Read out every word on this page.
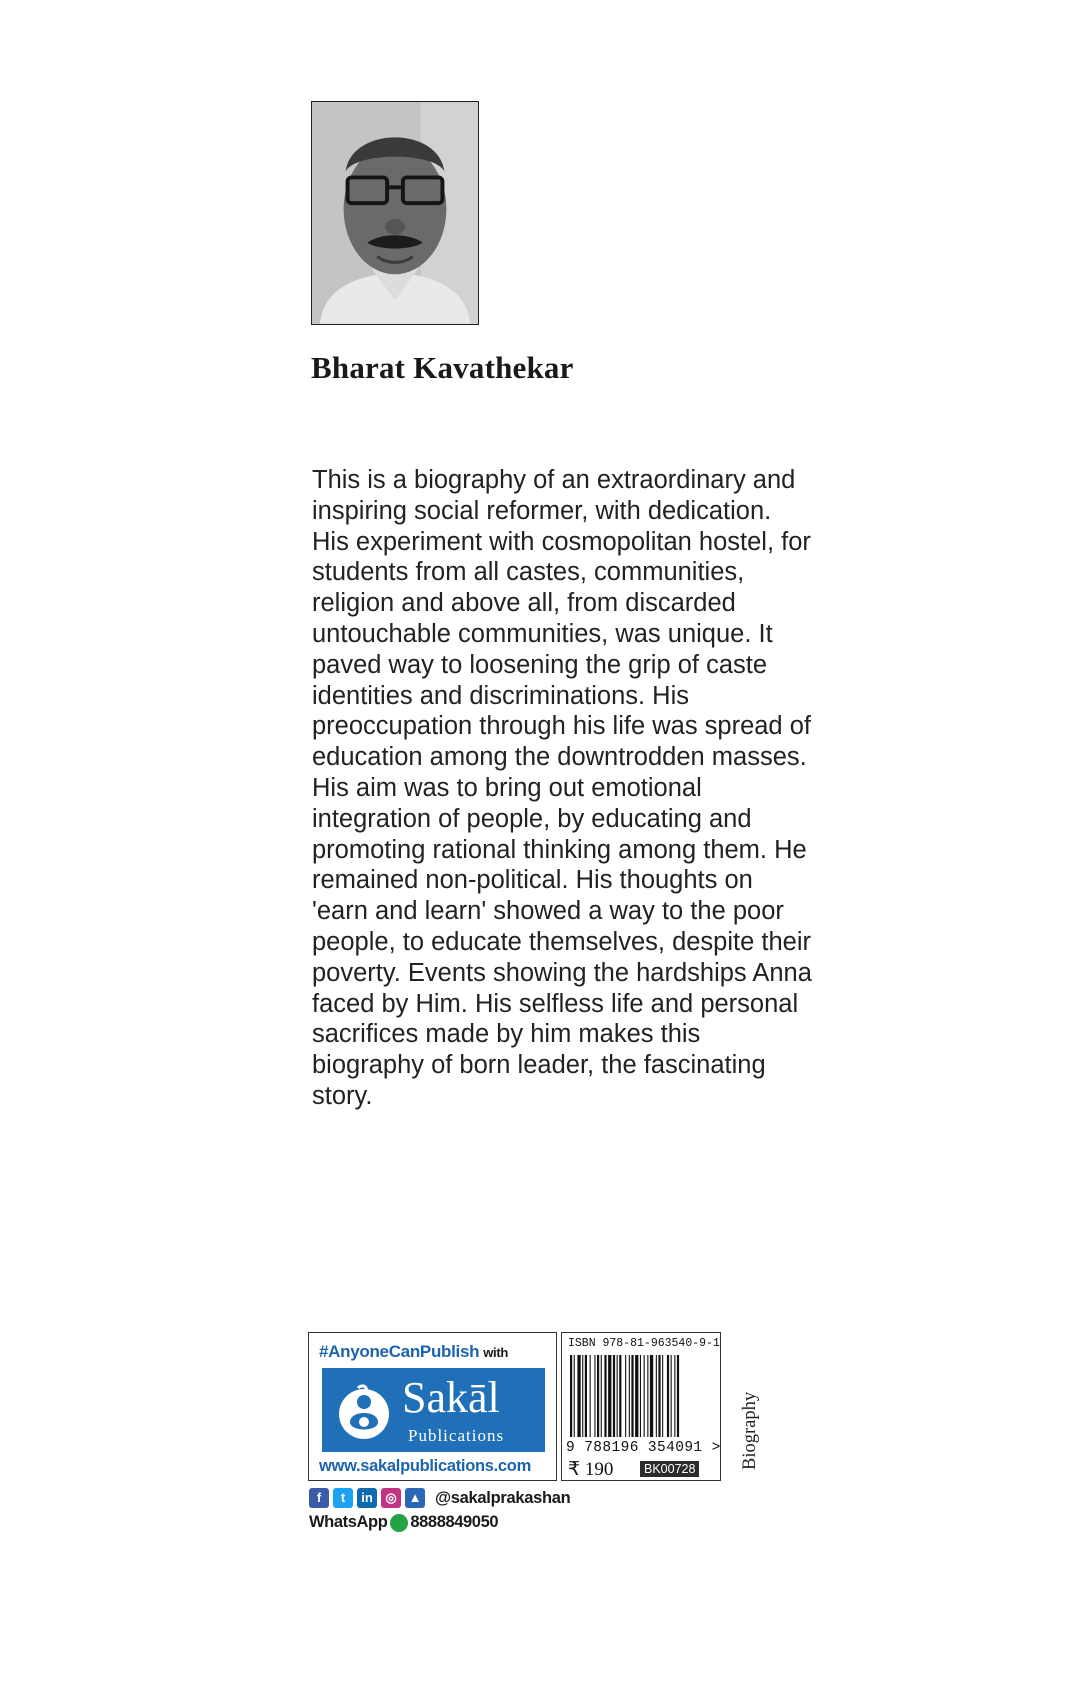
Bharat Kavathekar

This is a biography of an extraordinary and inspiring social reformer, with dedication. His experiment with cosmopolitan hostel, for students from all castes, communities, religion and above all, from discarded untouchable communities, was unique. It paved way to loosening the grip of caste identities and discriminations. His preoccupation through his life was spread of education among the downtrodden masses. His aim was to bring out emotional integration of people, by educating and promoting rational thinking among them. He remained non-political. His thoughts on 'earn and learn' showed a way to the poor people, to educate themselves, despite their poverty. Events showing the hardships Anna faced by Him. His selfless life and personal sacrifices made by him makes this biography of born leader, the fascinating story.

#AnyoneCanPublish with

Sakāl

Publications

www.sakalpublications.com

ISBN 978-81-963540-9-1

9 788196 354091 >

₹ 190	BK00728 Biography

f	t	in ◎ ▲ @sakalprakashan
WhatsApp 8888849050
